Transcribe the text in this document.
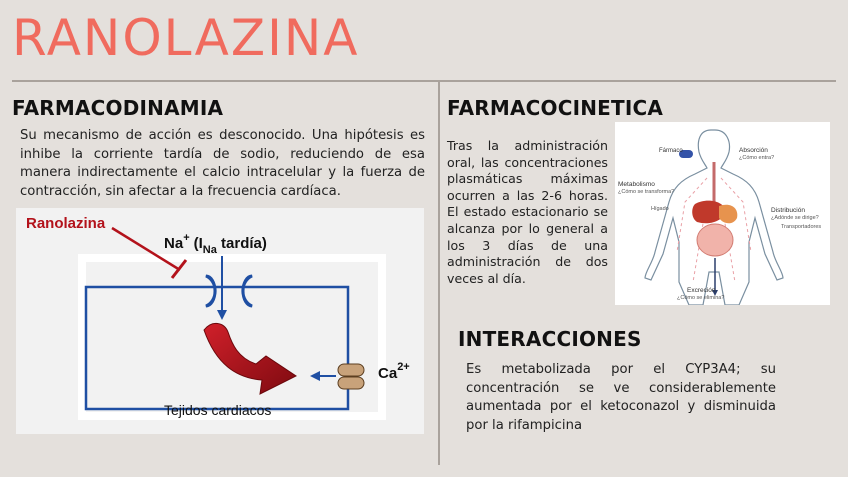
RANOLAZINA
FARMACODINAMIA
Su mecanismo de acción es desconocido. Una hipótesis es inhibe la corriente tardía de sodio, reduciendo de esa manera indirectamente el calcio intracelular y la fuerza de contracción, sin afectar a la frecuencia cardíaca.
Ranolazina
Na+ ($I_{Na}$ tardía)
$Ca^{2+}$
Tejidos cardiacos
FARMACOCINETICA
Tras la administración oral, las concentraciones plasmáticas máximas ocurren a las 2-6 horas. El estado estacionario se alcanza por lo general a los 3 días de una administración de dos veces al día.
Fármaco	Absorción
¿Cómo entra?
Metabolismo
¿Cómo se transforma?
Hígado	Distribución
¿Adónde se dirige?
Transportadores
Excreción
¿Cómo se elimina?
INTERACCIONES
Es metabolizada por el CYP3A4; su concentración se ve considerablemente aumentada por el ketoconazol y disminuida por la rifampicina
